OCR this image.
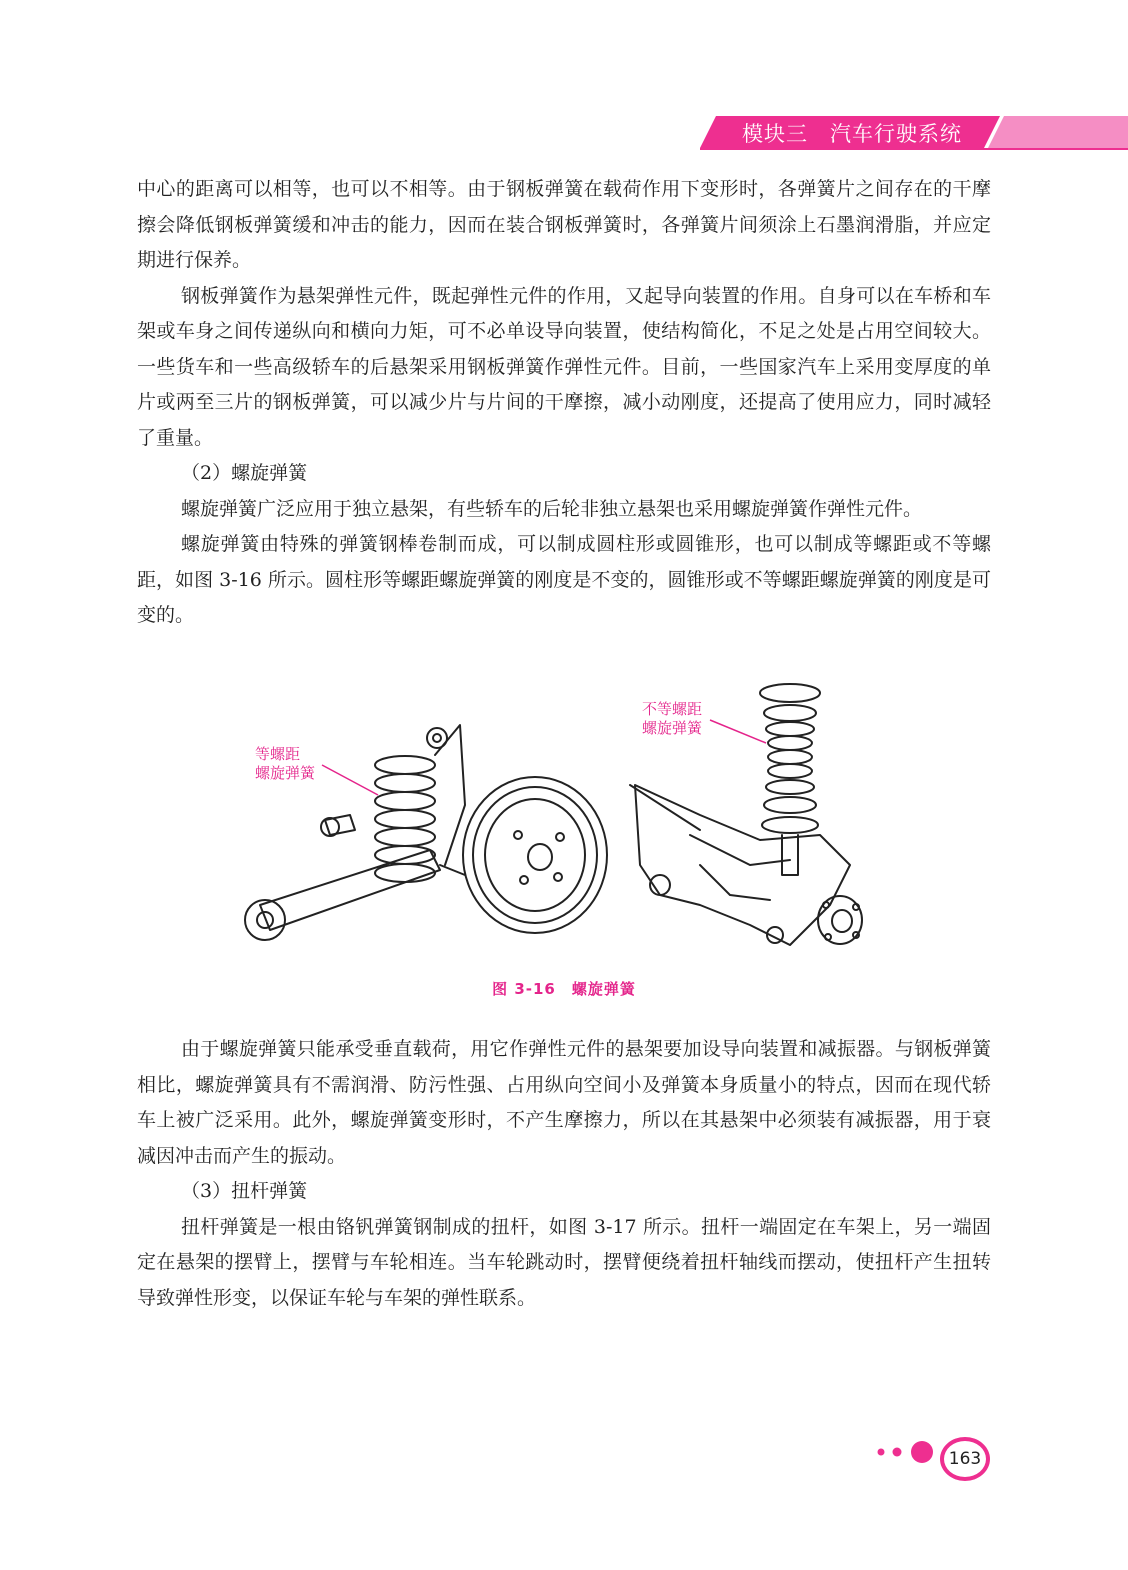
模块三　 汽车行驶系统

中心的距离可以相等，也可以不相等。由于钢板弹簧在载荷作用下变形时，各弹簧片之间存在的干摩擦会降低钢板弹簧缓和冲击的能力，因而在装合钢板弹簧时，各弹簧片间须涂上石墨润滑脂，并应定期进行保养。

钢板弹簧作为悬架弹性元件，既起弹性元件的作用，又起导向装置的作用。自身可以在车桥和车架或车身之间传递纵向和横向力矩，可不必单设导向装置，使结构简化，不足之处是占用空间较大。一些货车和一些高级轿车的后悬架采用钢板弹簧作弹性元件。目前，一些国家汽车上采用变厚度的单片或两至三片的钢板弹簧，可以减少片与片间的干摩擦，减小动刚度，还提高了使用应力，同时减轻了重量。

（2）螺旋弹簧

螺旋弹簧广泛应用于独立悬架，有些轿车的后轮非独立悬架也采用螺旋弹簧作弹性元件。

螺旋弹簧由特殊的弹簧钢棒卷制而成，可以制成圆柱形或圆锥形，也可以制成等螺距或不等螺距，如图 3-16 所示。圆柱形等螺距螺旋弹簧的刚度是不变的，圆锥形或不等螺距螺旋弹簧的刚度是可变的。

等螺距
螺旋弹簧
不等螺距
螺旋弹簧
图 3-16　螺旋弹簧

由于螺旋弹簧只能承受垂直载荷，用它作弹性元件的悬架要加设导向装置和减振器。与钢板弹簧相比，螺旋弹簧具有不需润滑、防污性强、占用纵向空间小及弹簧本身质量小的特点，因而在现代轿车上被广泛采用。此外，螺旋弹簧变形时，不产生摩擦力，所以在其悬架中必须装有减振器，用于衰减因冲击而产生的振动。

（3）扭杆弹簧

扭杆弹簧是一根由铬钒弹簧钢制成的扭杆，如图 3-17 所示。扭杆一端固定在车架上，另一端固定在悬架的摆臂上，摆臂与车轮相连。当车轮跳动时，摆臂便绕着扭杆轴线而摆动，使扭杆产生扭转导致弹性形变，以保证车轮与车架的弹性联系。

163
